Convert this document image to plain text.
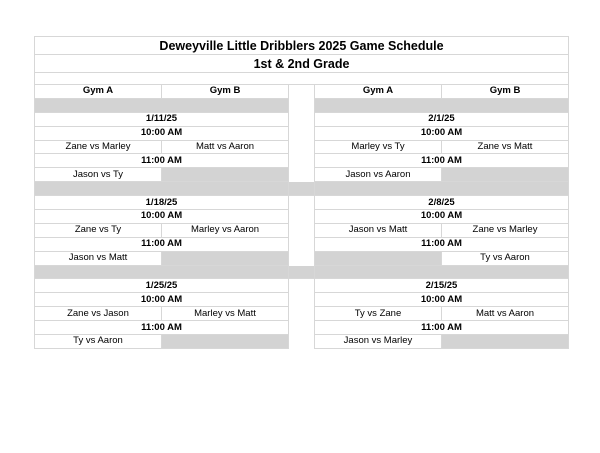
Deweyville Little Dribblers 2025 Game Schedule				
1st & 2nd Grade				

Gym A	Gym B		Gym A	Gym B

1/11/25			2/1/25	
10:00 AM			10:00 AM	
Zane vs Marley	Matt vs Aaron		Marley vs Ty	Zane vs Matt
11:00 AM			11:00 AM	
Jason vs Ty			Jason vs Aaron	

1/18/25			2/8/25	
10:00 AM			10:00 AM	
Zane vs Ty	Marley vs Aaron		Jason vs Matt	Zane vs Marley
11:00 AM			11:00 AM	
Jason vs Matt				Ty vs Aaron

1/25/25			2/15/25	
10:00 AM			10:00 AM	
Zane vs Jason	Marley vs Matt		Ty vs Zane	Matt vs Aaron
11:00 AM			11:00 AM	
Ty vs Aaron			Jason vs Marley	
